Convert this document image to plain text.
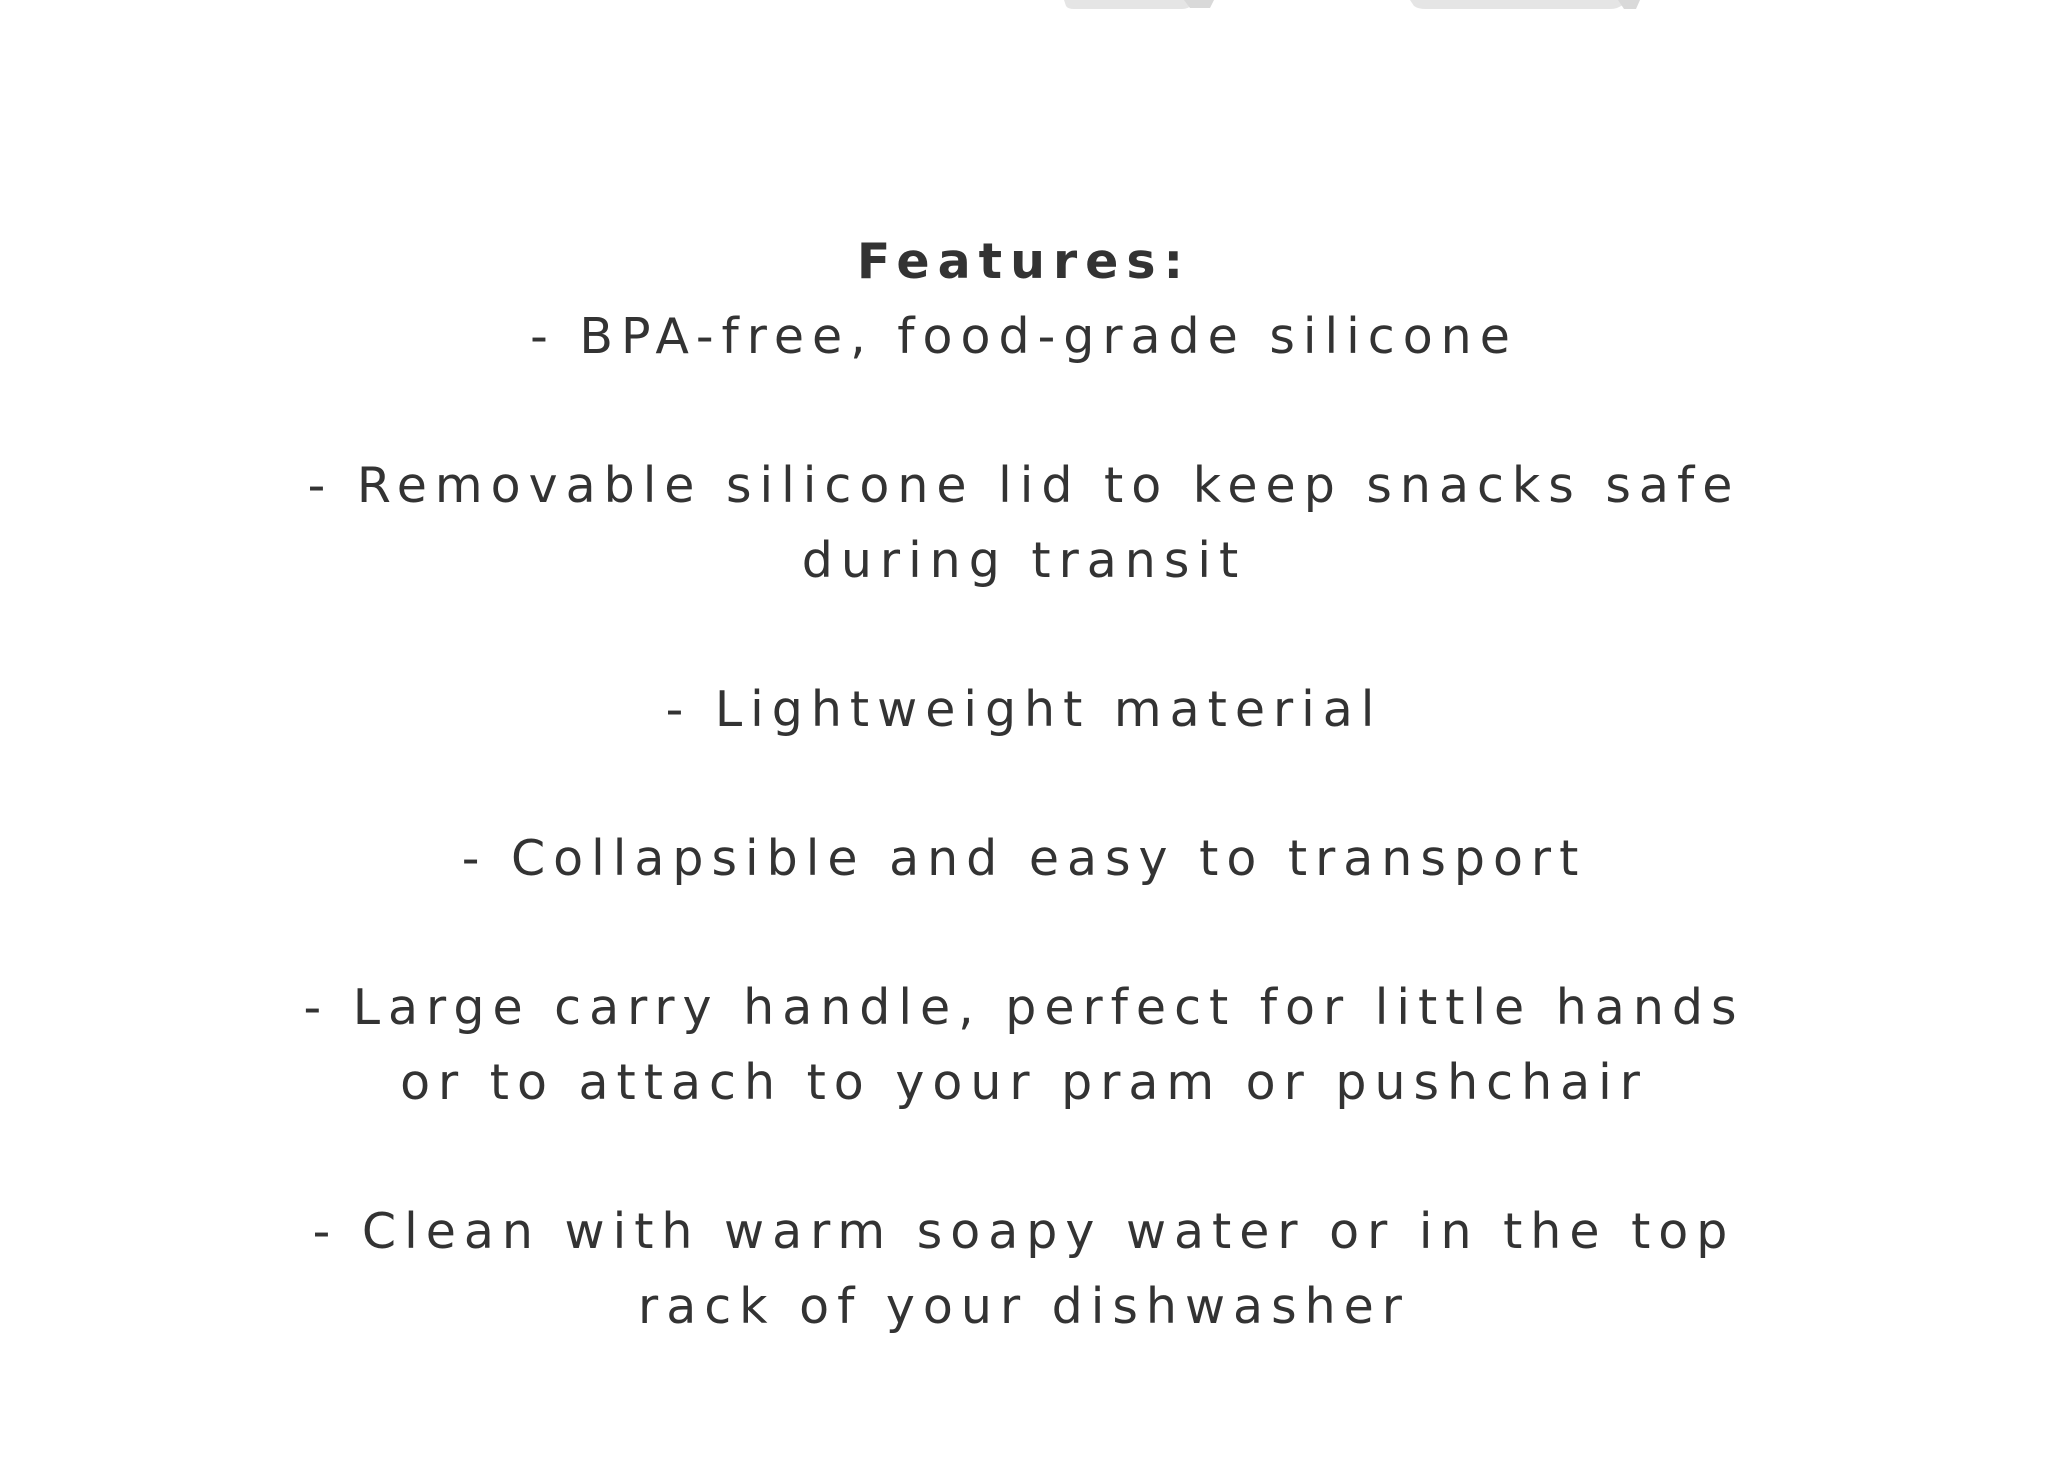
Features:
- BPA-free, food-grade silicone
- Removable silicone lid to keep snacks safe during transit
- Lightweight material
- Collapsible and easy to transport
- Large carry handle, perfect for little hands or to attach to your pram or pushchair
- Clean with warm soapy water or in the top rack of your dishwasher
